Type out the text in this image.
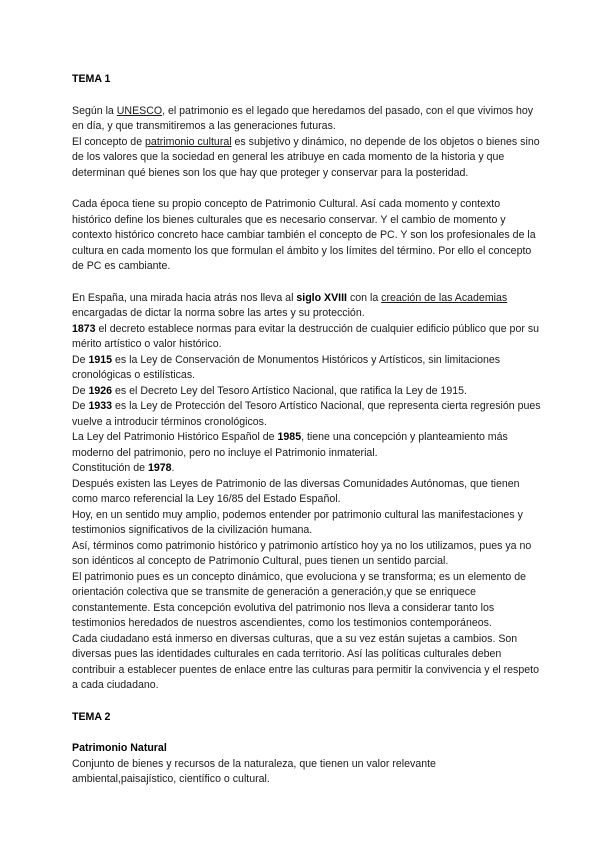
TEMA 1

Según la UNESCO, el patrimonio es el legado que heredamos del pasado, con el que vivimos hoy en día, y que transmitiremos a las generaciones futuras.

El concepto de patrimonio cultural es subjetivo y dinámico, no depende de los objetos o bienes sino de los valores que la sociedad en general les atribuye en cada momento de la historia y que determinan qué bienes son los que hay que proteger y conservar para la posteridad.

Cada época tiene su propio concepto de Patrimonio Cultural. Así cada momento y contexto histórico define los bienes culturales que es necesario conservar. Y el cambio de momento y contexto histórico concreto hace cambiar también el concepto de PC. Y son los profesionales de la cultura en cada momento los que formulan el ámbito y los límites del término. Por ello el concepto de PC es cambiante.

En España, una mirada hacia atrás nos lleva al siglo XVIII con la creación de las Academias encargadas de dictar la norma sobre las artes y su protección.

1873 el decreto establece normas para evitar la destrucción de cualquier edificio público que por su mérito artístico o valor histórico.

De 1915 es la Ley de Conservación de Monumentos Históricos y Artísticos, sin limitaciones cronológicas o estilísticas.

De 1926 es el Decreto Ley del Tesoro Artístico Nacional, que ratifica la Ley de 1915.

De 1933 es la Ley de Protección del Tesoro Artístico Nacional, que representa cierta regresión pues vuelve a introducir términos cronológicos.

La Ley del Patrimonio Histórico Español de 1985, tiene una concepción y planteamiento más moderno del patrimonio, pero no incluye el Patrimonio inmaterial.

Constitución de 1978.

Después existen las Leyes de Patrimonio de las diversas Comunidades Autónomas, que tienen como marco referencial la Ley 16/85 del Estado Español.

Hoy, en un sentido muy amplio, podemos entender por patrimonio cultural las manifestaciones y testimonios significativos de la civilización humana.

Así, términos como patrimonio histórico y patrimonio artístico hoy ya no los utilizamos, pues ya no son idénticos al concepto de Patrimonio Cultural, pues tienen un sentido parcial.

El patrimonio pues es un concepto dinámico, que evoluciona y se transforma; es un elemento de orientación colectiva que se transmite de generación a generación,y que se enriquece constantemente. Esta concepción evolutiva del patrimonio nos lleva a considerar tanto los testimonios heredados de nuestros ascendientes, como los testimonios contemporáneos.

Cada ciudadano está inmerso en diversas culturas, que a su vez están sujetas a cambios. Son diversas pues las identidades culturales en cada territorio. Así las políticas culturales deben contribuir a establecer puentes de enlace entre las culturas para permitir la convivencia y el respeto a cada ciudadano.

TEMA 2

Patrimonio Natural

Conjunto de bienes y recursos de la naturaleza, que tienen un valor relevante ambiental,paisajístico, científico o cultural.
